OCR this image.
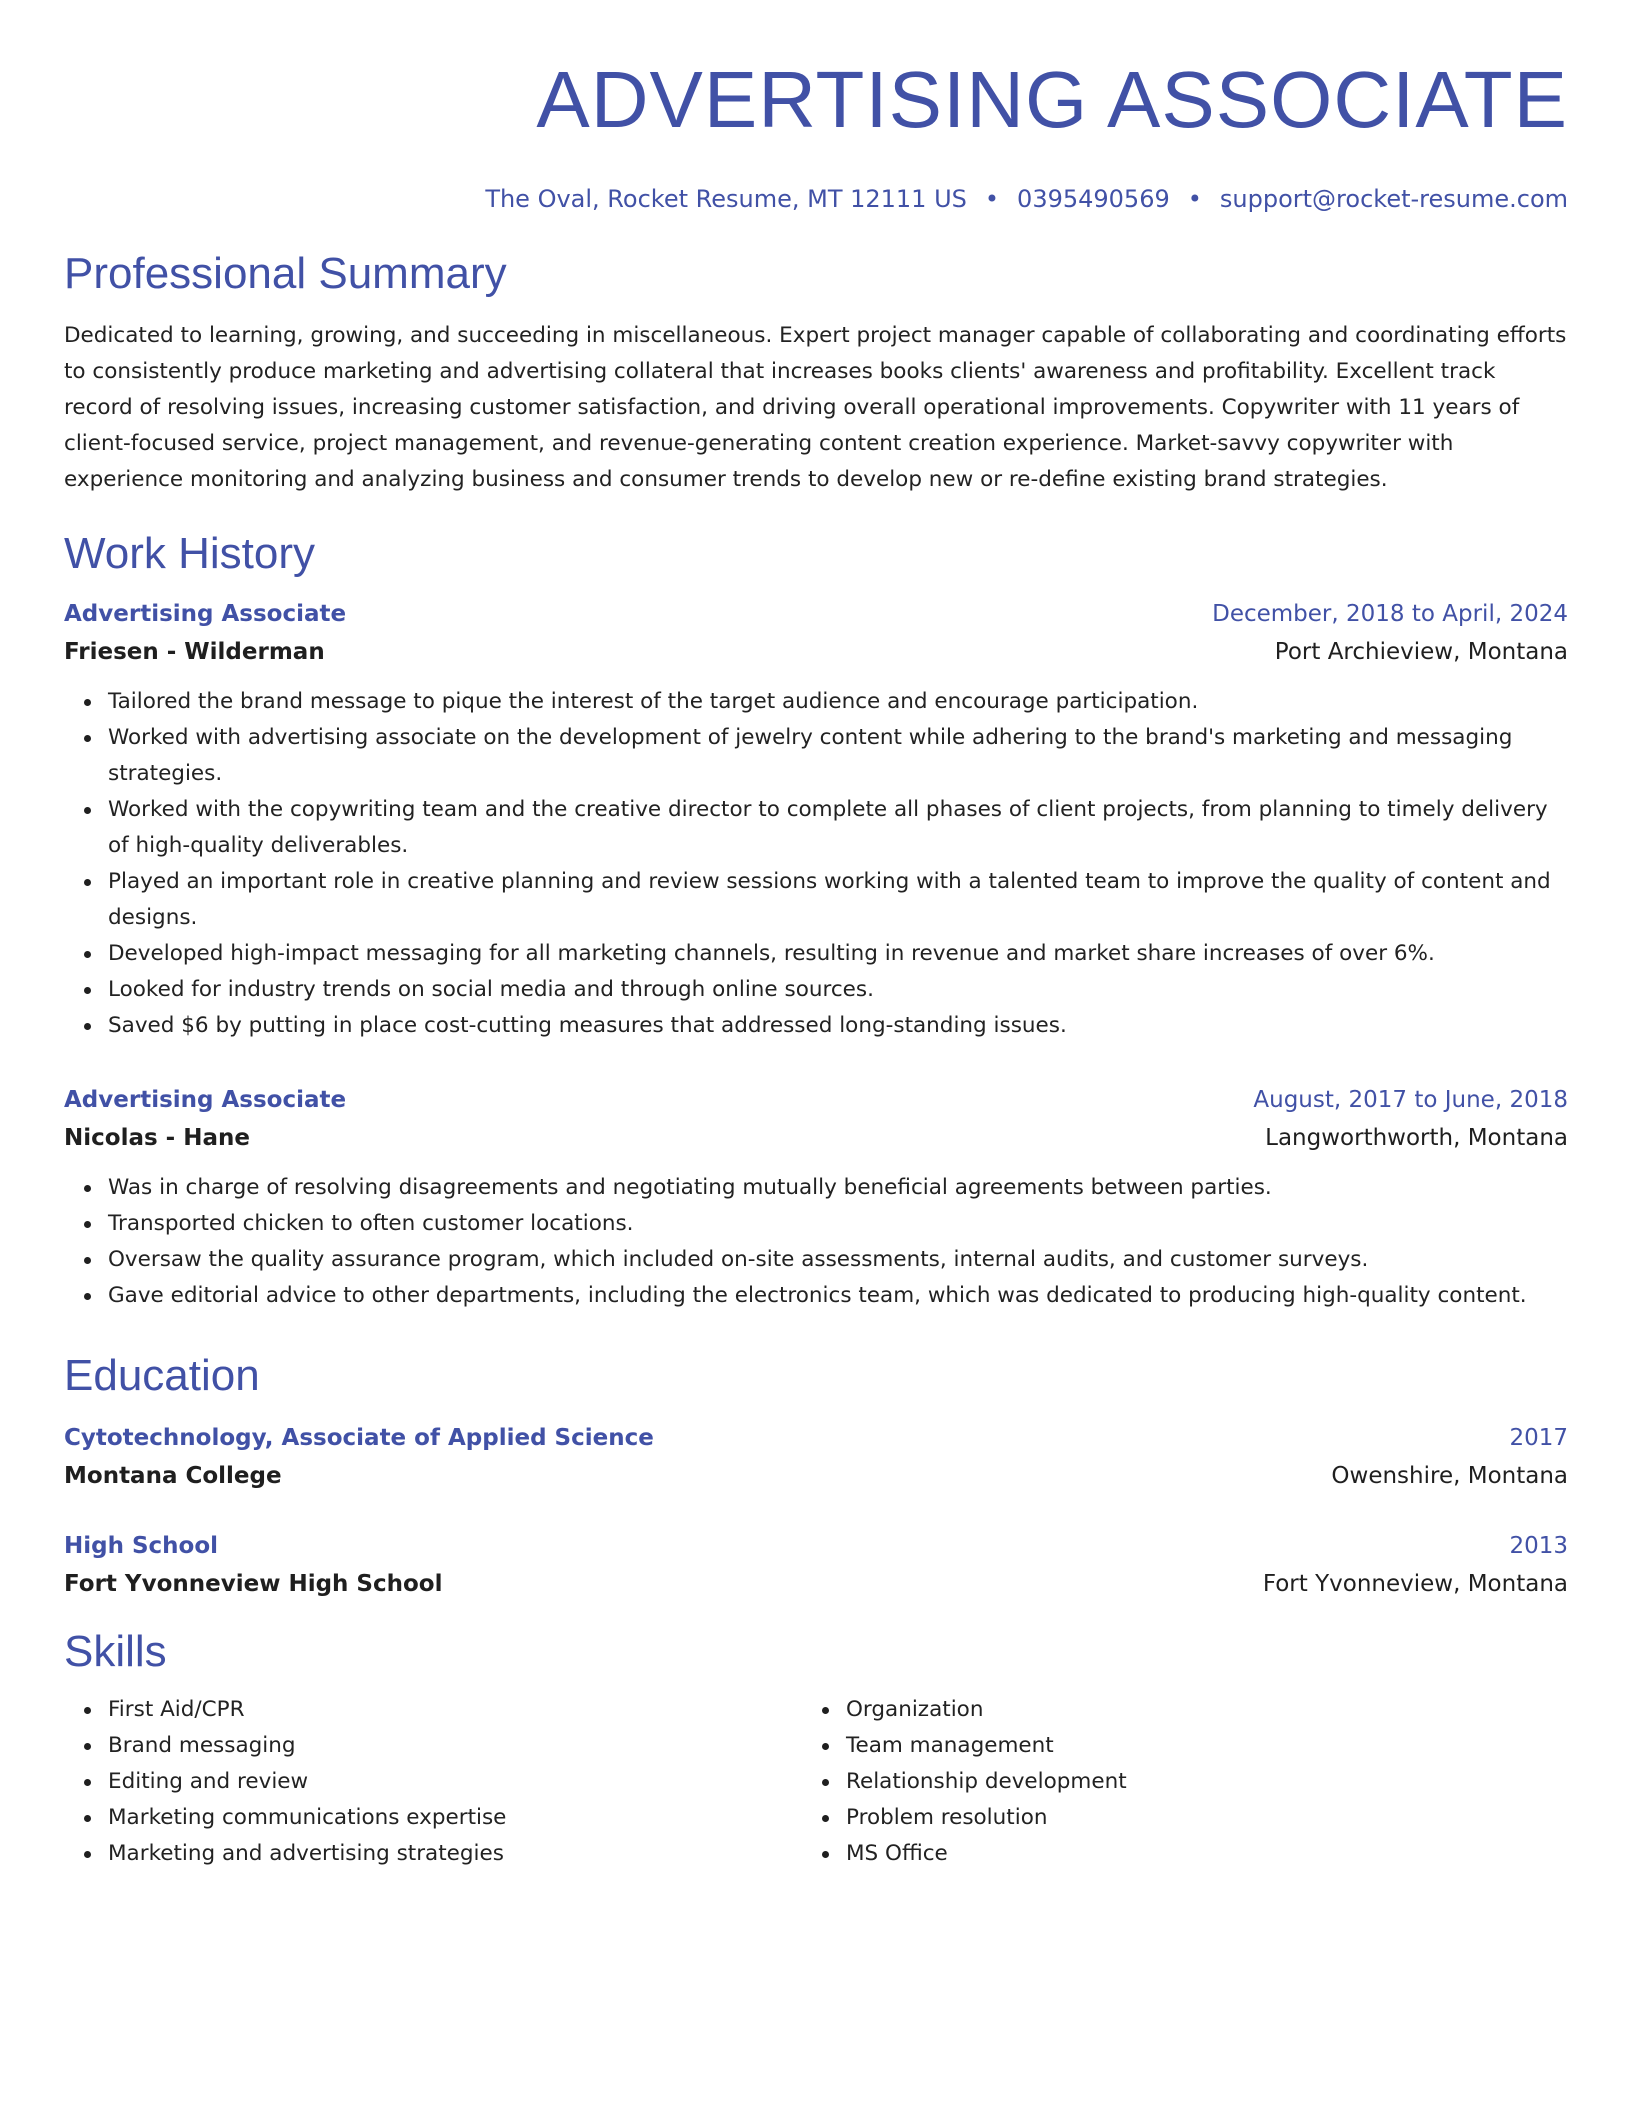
ADVERTISING ASSOCIATE
The Oval, Rocket Resume, MT 12111 US • 0395490569 • support@rocket-resume.com
Professional Summary
Dedicated to learning, growing, and succeeding in miscellaneous. Expert project manager capable of collaborating and coordinating efforts to consistently produce marketing and advertising collateral that increases books clients' awareness and profitability. Excellent track record of resolving issues, increasing customer satisfaction, and driving overall operational improvements. Copywriter with 11 years of client-focused service, project management, and revenue-generating content creation experience. Market-savvy copywriter with experience monitoring and analyzing business and consumer trends to develop new or re-define existing brand strategies.
Work History
Advertising Associate	December, 2018 to April, 2024
Friesen - Wilderman	Port Archieview, Montana
Tailored the brand message to pique the interest of the target audience and encourage participation.
Worked with advertising associate on the development of jewelry content while adhering to the brand's marketing and messaging strategies.
Worked with the copywriting team and the creative director to complete all phases of client projects, from planning to timely delivery of high-quality deliverables.
Played an important role in creative planning and review sessions working with a talented team to improve the quality of content and designs.
Developed high-impact messaging for all marketing channels, resulting in revenue and market share increases of over 6%.
Looked for industry trends on social media and through online sources.
Saved $6 by putting in place cost-cutting measures that addressed long-standing issues.
Advertising Associate	August, 2017 to June, 2018
Nicolas - Hane	Langworthworth, Montana
Was in charge of resolving disagreements and negotiating mutually beneficial agreements between parties.
Transported chicken to often customer locations.
Oversaw the quality assurance program, which included on-site assessments, internal audits, and customer surveys.
Gave editorial advice to other departments, including the electronics team, which was dedicated to producing high-quality content.
Education
Cytotechnology, Associate of Applied Science	2017
Montana College	Owenshire, Montana
High School	2013
Fort Yvonneview High School	Fort Yvonneview, Montana
Skills
First Aid/CPR
Brand messaging
Editing and review
Marketing communications expertise
Marketing and advertising strategies
Organization
Team management
Relationship development
Problem resolution
MS Office
